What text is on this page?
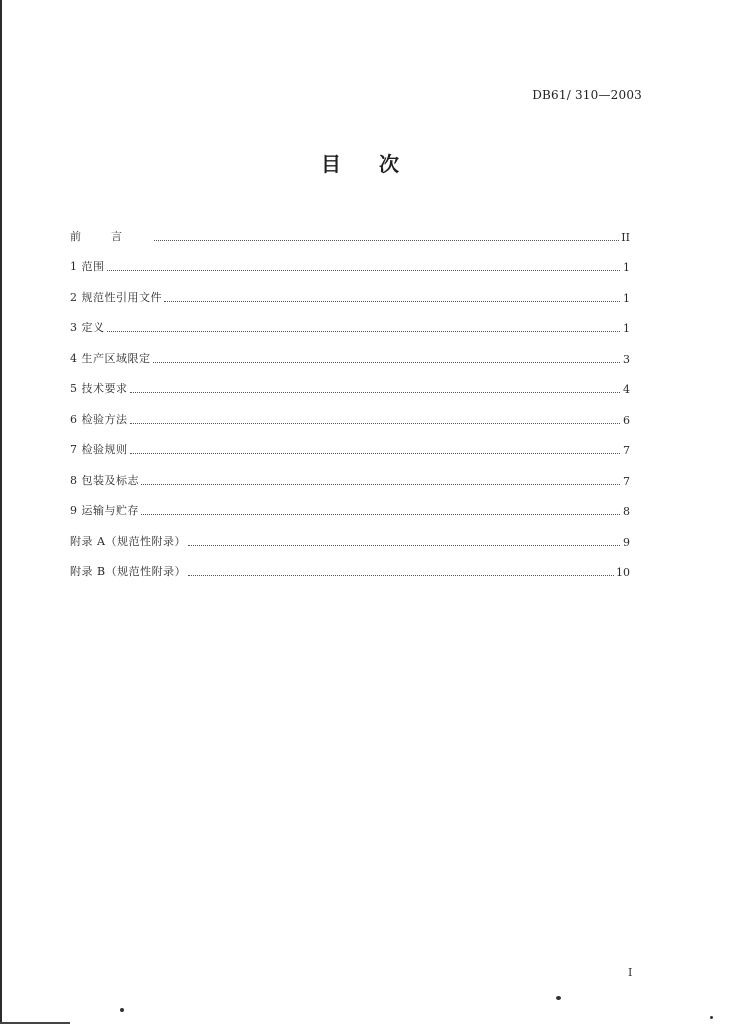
DB61/ 310—2003
目次
前言	II
1 范围	1
2 规范性引用文件	1
3 定义	1
4 生产区域限定	3
5 技术要求	4
6 检验方法	6
7 检验规则	7
8 包装及标志	7
9 运输与贮存	8
附录 A（规范性附录）	9
附录 B（规范性附录）	10
I
